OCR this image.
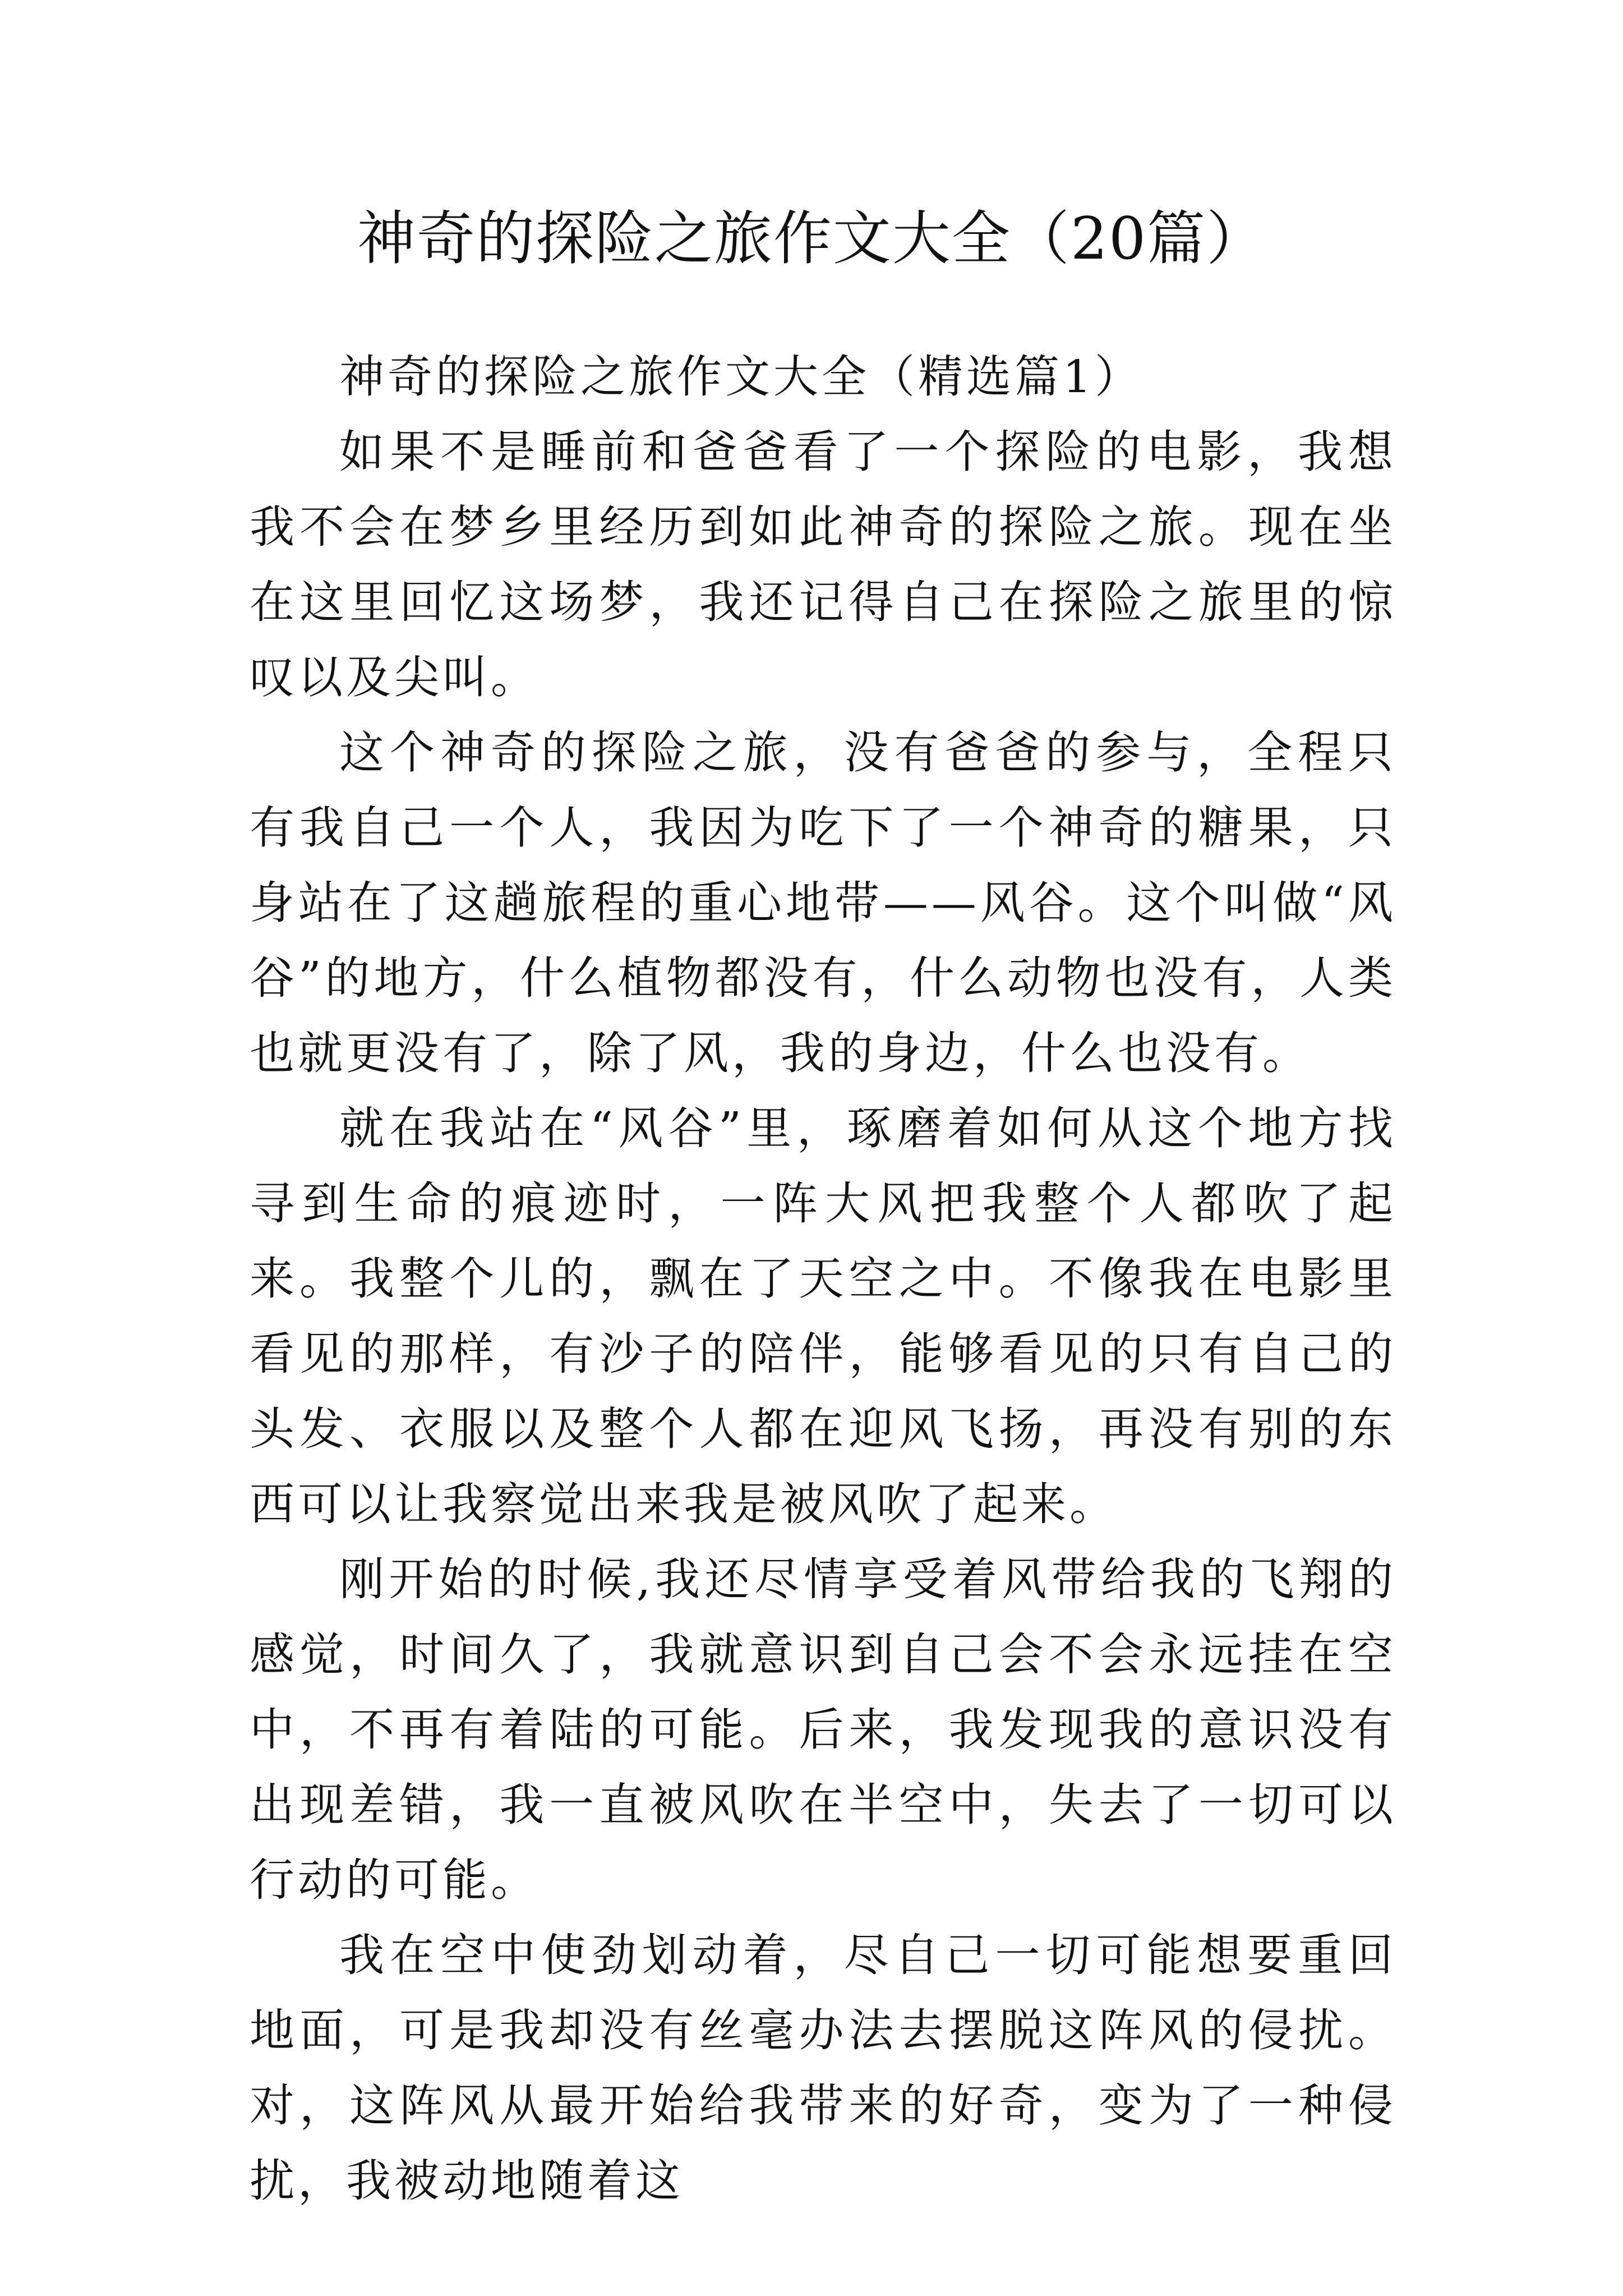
神奇的探险之旅作文大全（20篇）

神奇的探险之旅作文大全（精选篇1）

如果不是睡前和爸爸看了一个探险的电影，我想我不会在梦乡里经历到如此神奇的探险之旅。现在坐在这里回忆这场梦，我还记得自己在探险之旅里的惊叹以及尖叫。

这个神奇的探险之旅，没有爸爸的参与，全程只有我自己一个人，我因为吃下了一个神奇的糖果，只身站在了这趟旅程的重心地带——风谷。这个叫做“风谷”的地方，什么植物都没有，什么动物也没有，人类也就更没有了，除了风，我的身边，什么也没有。

就在我站在“风谷”里，琢磨着如何从这个地方找寻到生命的痕迹时，一阵大风把我整个人都吹了起来。我整个儿的，飘在了天空之中。不像我在电影里看见的那样，有沙子的陪伴，能够看见的只有自己的头发、衣服以及整个人都在迎风飞扬，再没有别的东西可以让我察觉出来我是被风吹了起来。

刚开始的时候,我还尽情享受着风带给我的飞翔的感觉，时间久了，我就意识到自己会不会永远挂在空中，不再有着陆的可能。后来，我发现我的意识没有出现差错，我一直被风吹在半空中，失去了一切可以行动的可能。

我在空中使劲划动着，尽自己一切可能想要重回地面，可是我却没有丝毫办法去摆脱这阵风的侵扰。对，这阵风从最开始给我带来的好奇，变为了一种侵扰，我被动地随着这
